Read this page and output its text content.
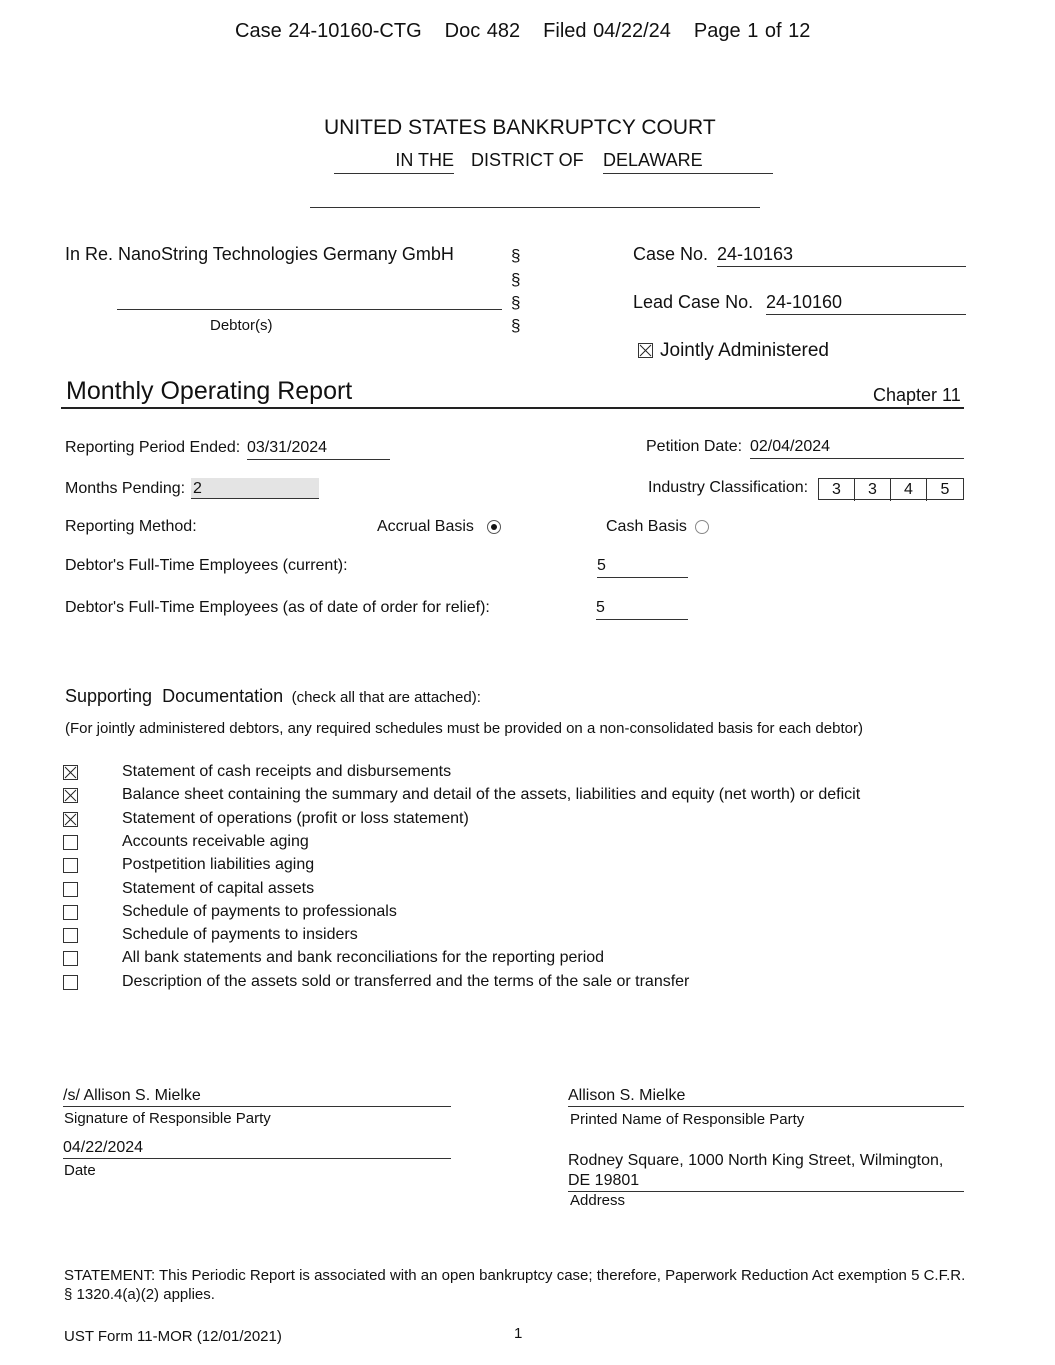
Case 24-10160-CTG Doc 482 Filed 04/22/24 Page 1 of 12
UNITED STATES BANKRUPTCY COURT
IN THE DISTRICT OF DELAWARE
In Re. NanoString Technologies Germany GmbH
Debtor(s)
§
§
§
§
Case No. 24-10163
Lead Case No. 24-10160
Jointly Administered
Monthly Operating Report	Chapter 11
Reporting Period Ended: 03/31/2024	Petition Date: 02/04/2024
Months Pending: 2	Industry Classification:	3	3	4	5
Reporting Method:	Accrual Basis	Cash Basis
Debtor's Full-Time Employees (current):	5
Debtor's Full-Time Employees (as of date of order for relief):	5
Supporting  Documentation (check all that are attached):
(For jointly administered debtors, any required schedules must be provided on a non-consolidated basis for each debtor)
Statement of cash receipts and disbursements
Balance sheet containing the summary and detail of the assets, liabilities and equity (net worth) or deficit
Statement of operations (profit or loss statement)
Accounts receivable aging
Postpetition liabilities aging
Statement of capital assets
Schedule of payments to professionals
Schedule of payments to insiders
All bank statements and bank reconciliations for the reporting period
Description of the assets sold or transferred and the terms of the sale or transfer
/s/ Allison S. Mielke
Signature of Responsible Party
04/22/2024
Date
Allison S. Mielke
Printed Name of Responsible Party
Rodney Square, 1000 North King Street, Wilmington,
DE 19801
Address
STATEMENT: This Periodic Report is associated with an open bankruptcy case; therefore, Paperwork Reduction Act exemption 5 C.F.R.
§ 1320.4(a)(2) applies.
UST Form 11-MOR (12/01/2021)	1
